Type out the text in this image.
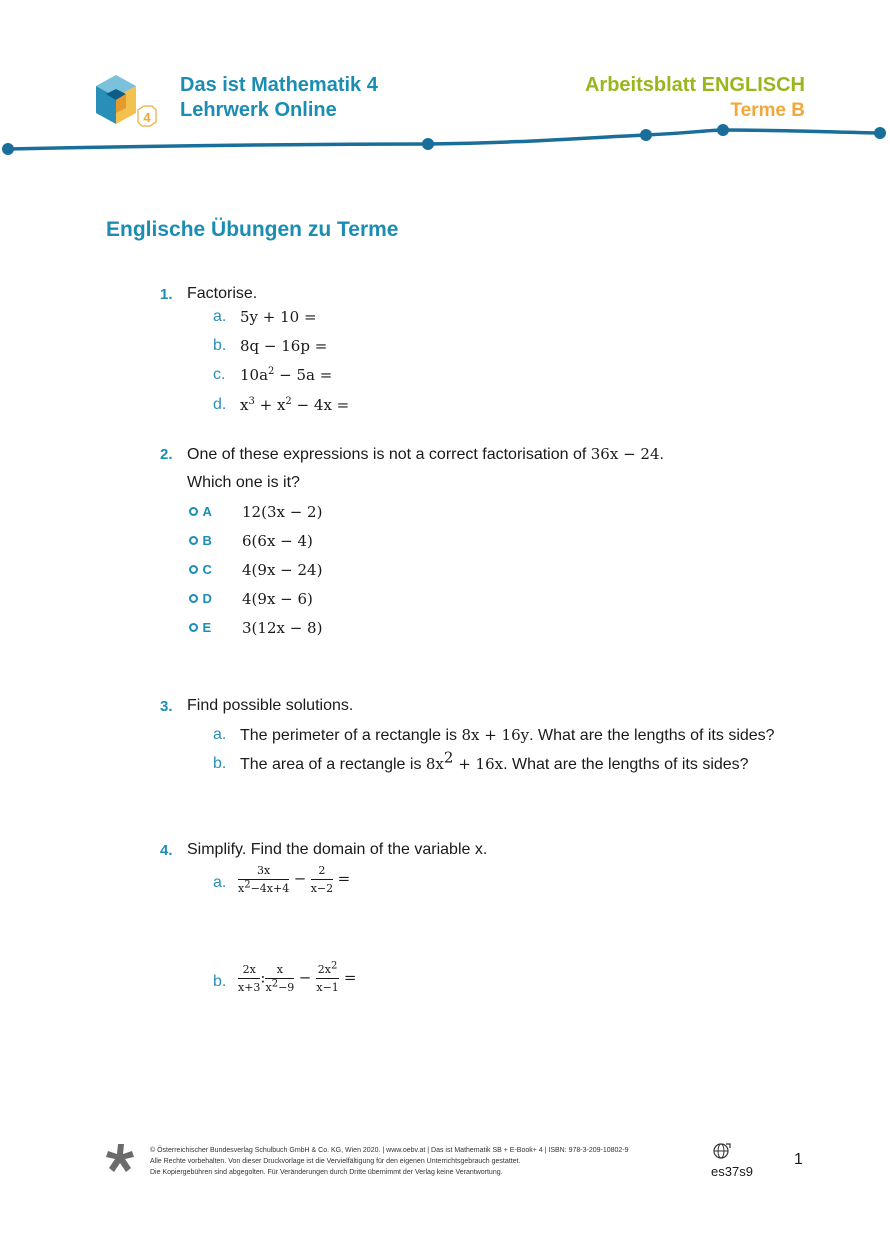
4
Das ist Mathematik 4
Lehrwerk Online
Arbeitsblatt ENGLISCH
Terme B
Englische Übungen zu Terme
1. Factorise.
a. 5y + 10 =
b. 8q − 16p =
c. $10a^2 - 5a$ =
d. $x^3 + x^2 - 4x$ =
2. One of these expressions is not a correct factorisation of 36x − 24.
Which one is it?
A 12(3x − 2)
B 6(6x − 4)
C 4(9x − 24)
D 4(9x − 6)
E 3(12x − 8)
3. Find possible solutions.
a. The perimeter of a rectangle is 8x + 16y. What are the lengths of its sides?
b. The area of a rectangle is $8x^2 + 16x$. What are the lengths of its sides?
4. Simplify. Find the domain of the variable x.
a. $\frac{3x}{x^2-4x+4} - \frac{2}{x-2}$ =
b. $\frac{2x}{x+3}$ : $\frac{x}{x^2-9} - \frac{2x^2}{x-1}$ =
© Österreichischer Bundesverlag Schulbuch GmbH & Co. KG, Wien 2020. | www.oebv.at | Das ist Mathematik SB + E-Book+ 4 | ISBN: 978-3-209-10802-9
Alle Rechte vorbehalten. Von dieser Druckvorlage ist die Vervielfältigung für den eigenen Unterrichtsgebrauch gestattet.
Die Kopiergebühren sind abgegolten. Für Veränderungen durch Dritte übernimmt der Verlag keine Verantwortung.	es37s9
1
